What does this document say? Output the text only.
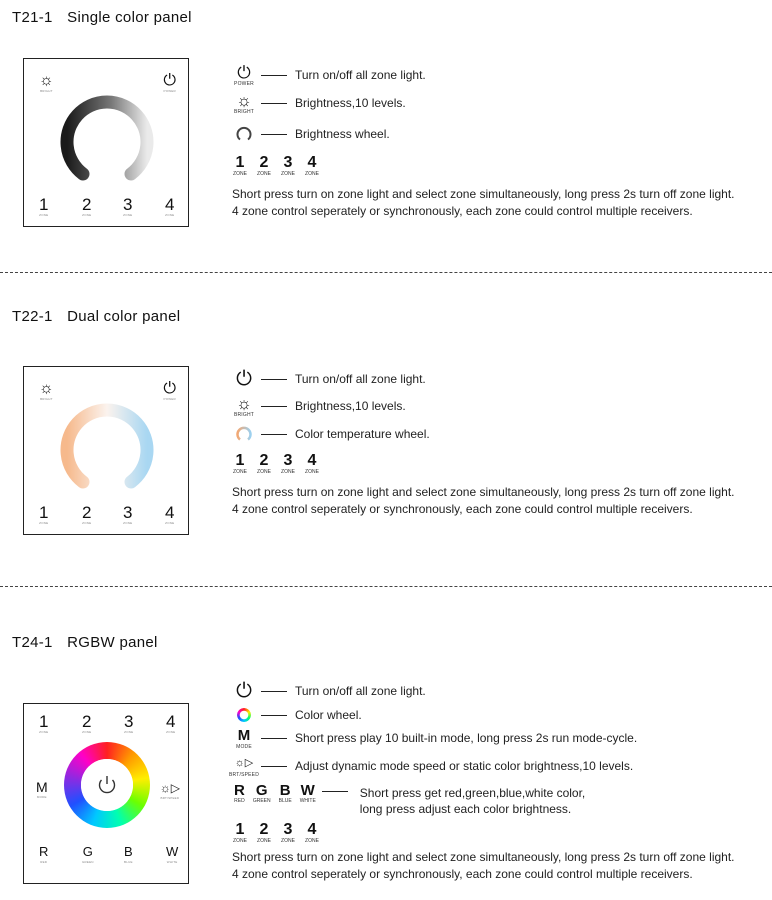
T21-1 Single color panel
☼
BRIGHT
⏻
POWER
1
ZONE
2
ZONE
3
ZONE
4
ZONE
⏻
POWER
Turn on/off all zone light.
☼
BRIGHT
Brightness,10 levels.
Brightness wheel.
1
ZONE
2
ZONE
3
ZONE
4
ZONE
Short press turn on zone light and select zone simultaneously, long press 2s turn off zone light.
4 zone control seperately or synchronously, each zone could control multiple receivers.
T22-1 Dual color panel
☼
BRIGHT
⏻
POWER
1
ZONE
2
ZONE
3
ZONE
4
ZONE
⏻	Turn on/off all zone light.
☼
BRIGHT
Brightness,10 levels.
Color temperature wheel.
1
ZONE
2
ZONE
3
ZONE
4
ZONE
Short press turn on zone light and select zone simultaneously, long press 2s turn off zone light.
4 zone control seperately or synchronously, each zone could control multiple receivers.
T24-1 RGBW panel
1
ZONE
2
ZONE
3
ZONE
4
ZONE
M
MODE
☼▷
BRT/SPEED
R
RED
G
GREEN
B
BLUE
W
WHITE
⏻	Turn on/off all zone light.
Color wheel.
M
MODE
Short press play 10 built-in mode, long press 2s run mode-cycle.
☼▷
BRT/SPEED
Adjust dynamic mode speed or static color brightness,10 levels.
R
RED
G
GREEN
B
BLUE
W
WHITE
Short press get red,green,blue,white color,
long press adjust each color brightness.
1
ZONE
2
ZONE
3
ZONE
4
ZONE
Short press turn on zone light and select zone simultaneously, long press 2s turn off zone light.
4 zone control seperately or synchronously, each zone could control multiple receivers.
